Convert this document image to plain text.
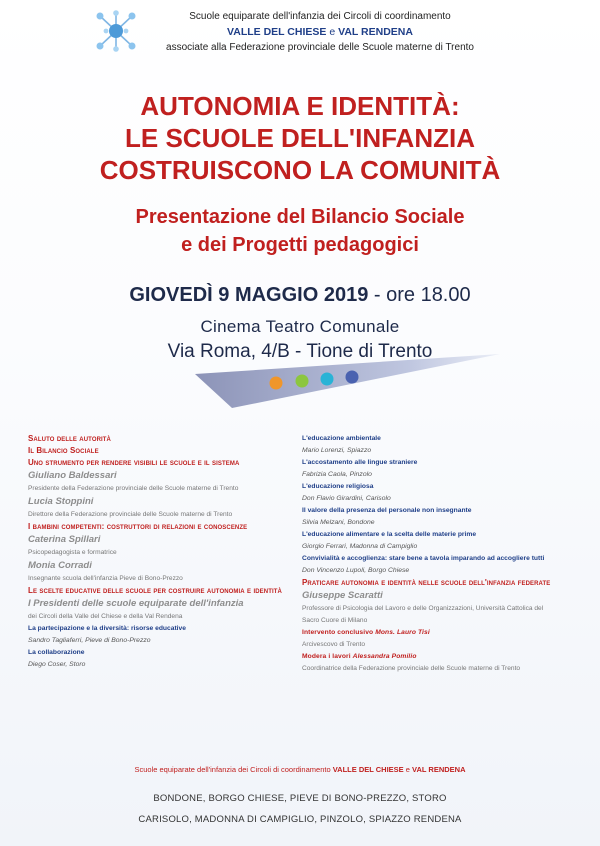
Scuole equiparate dell'infanzia dei Circoli di coordinamento
VALLE DEL CHIESE e VAL RENDENA
associate alla Federazione provinciale delle Scuole materne di Trento
AUTONOMIA E IDENTITÀ:
LE SCUOLE DELL'INFANZIA
COSTRUISCONO LA COMUNITÀ
Presentazione del Bilancio Sociale
e dei Progetti pedagogici
GIOVEDÌ 9 MAGGIO 2019 - ore 18.00
Cinema Teatro Comunale
Via Roma, 4/B - Tione di Trento

Saluto delle autorità

Il Bilancio Sociale

Uno strumento per rendere visibili le scuole e il sistema

Giuliano Baldessari

Presidente della Federazione provinciale delle Scuole materne di Trento

Lucia Stoppini

Direttore della Federazione provinciale delle Scuole materne di Trento

I bambini competenti: costruttori di relazioni e conoscenze

Caterina Spillari

Psicopedagogista e formatrice

Monia Corradi

Insegnante scuola dell'infanzia Pieve di Bono-Prezzo

Le scelte educative delle scuole per costruire autonomia e identità

I Presidenti delle scuole equiparate dell'infanzia

dei Circoli della Valle del Chiese e della Val Rendena

La partecipazione e la diversità: risorse educative

Sandro Tagliaferri, Pieve di Bono-Prezzo

La collaborazione

Diego Coser, Storo

L'educazione ambientale

Mario Lorenzi, Spiazzo

L'accostamento alle lingue straniere

Fabrizia Caola, Pinzolo

L'educazione religiosa

Don Flavio Girardini, Carisolo

Il valore della presenza del personale non insegnante

Silvia Melzani, Bondone

L'educazione alimentare e la scelta delle materie prime

Giorgio Ferrari, Madonna di Campiglio

Convivialità e accoglienza: stare bene a tavola imparando ad accogliere tutti

Don Vincenzo Lupoli, Borgo Chiese

Praticare autonomia e identità nelle scuole dell'infanzia federate

Giuseppe Scaratti

Professore di Psicologia del Lavoro e delle Organizzazioni, Università Cattolica del

Sacro Cuore di Milano

Intervento conclusivo Mons. Lauro Tisi

Arcivescovo di Trento

Modera i lavori Alessandra Pomilio

Coordinatrice della Federazione provinciale delle Scuole materne di Trento

Scuole equiparate dell'infanzia dei Circoli di coordinamento VALLE DEL CHIESE e VAL RENDENA
BONDONE, BORGO CHIESE, PIEVE DI BONO-PREZZO, STORO
CARISOLO, MADONNA DI CAMPIGLIO, PINZOLO, SPIAZZO RENDENA
